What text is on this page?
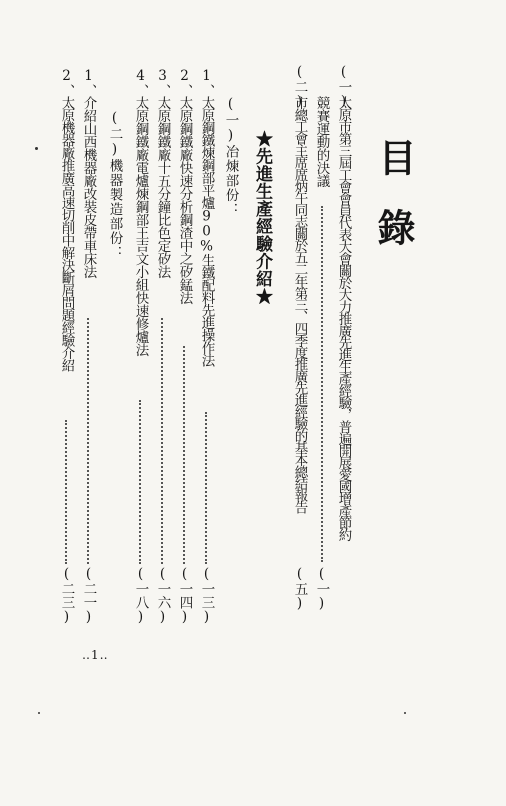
目
錄
(一)
太原市第三屆工會會員代表大會關於大力推廣先進生產經驗，普遍開展愛國增產節約
競賽運動的決議
(一)
(二)
市總工會主席席炳午同志關於五二年第三、四季度推廣先進經驗的基本總結報告
(五)
★先進生產經驗介紹★
(一)冶煉部份：
1、
太原鋼鐵煉鋼部平爐90%生鐵配料先進操作法
(一三)
2、
太原鋼鐵廠快速分析鋼渣中之矽錳法
(一四)
3、
太原鋼鐵廠十五分鐘比色定矽法
(一六)
4、
太原鋼鐵廠電爐煉鋼部王吉文小組快速修爐法
(一八)
(二)機器製造部份：
1、
介紹山西機器廠改裝皮帶車床法
(二一)
2、
太原機器廠推廣高速切削中解決斷屑問題經驗介紹
(二三)
‥1‥
